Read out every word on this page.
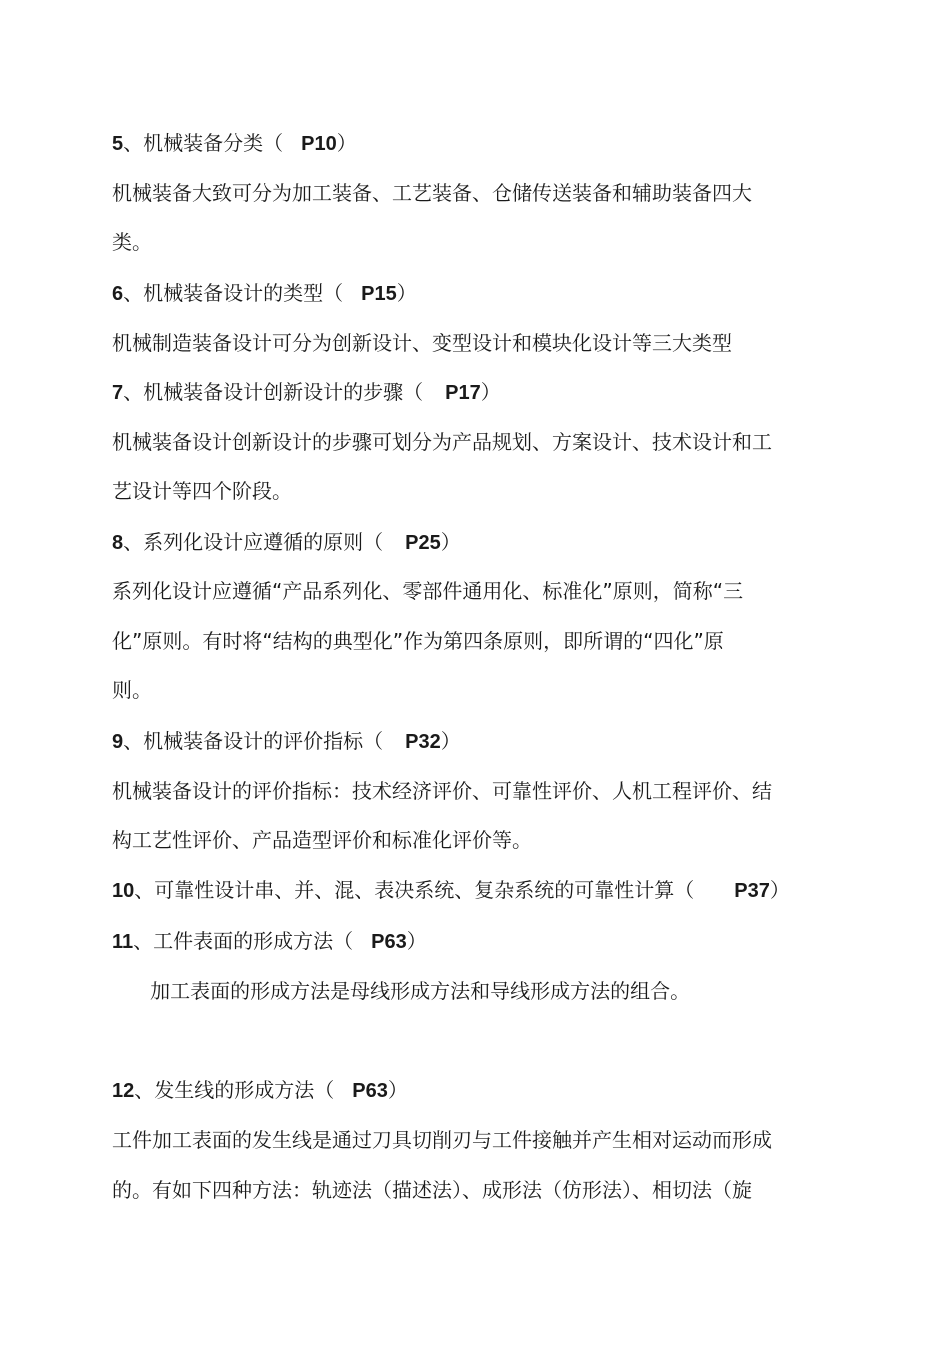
5、机械装备分类（ P10）
机械装备大致可分为加工装备、工艺装备、仓储传送装备和辅助装备四大
类。
6、机械装备设计的类型（ P15）
机械制造装备设计可分为创新设计、变型设计和模块化设计等三大类型
7、机械装备设计创新设计的步骤（ P17）
机械装备设计创新设计的步骤可划分为产品规划、方案设计、技术设计和工
艺设计等四个阶段。
8、系列化设计应遵循的原则（ P25）
系列化设计应遵循“产品系列化、零部件通用化、标准化”原则，简称“三
化”原则。有时将“结构的典型化”作为第四条原则，即所谓的“四化”原
则。
9、机械装备设计的评价指标（ P32）
机械装备设计的评价指标：技术经济评价、可靠性评价、人机工程评价、结
构工艺性评价、产品造型评价和标准化评价等。
10、可靠性设计串、并、混、表决系统、复杂系统的可靠性计算（ P37）
11、工件表面的形成方法（ P63）
加工表面的形成方法是母线形成方法和导线形成方法的组合。
12、发生线的形成方法（ P63）
工件加工表面的发生线是通过刀具切削刃与工件接触并产生相对运动而形成
的。有如下四种方法：轨迹法（描述法）、成形法（仿形法）、相切法（旋
